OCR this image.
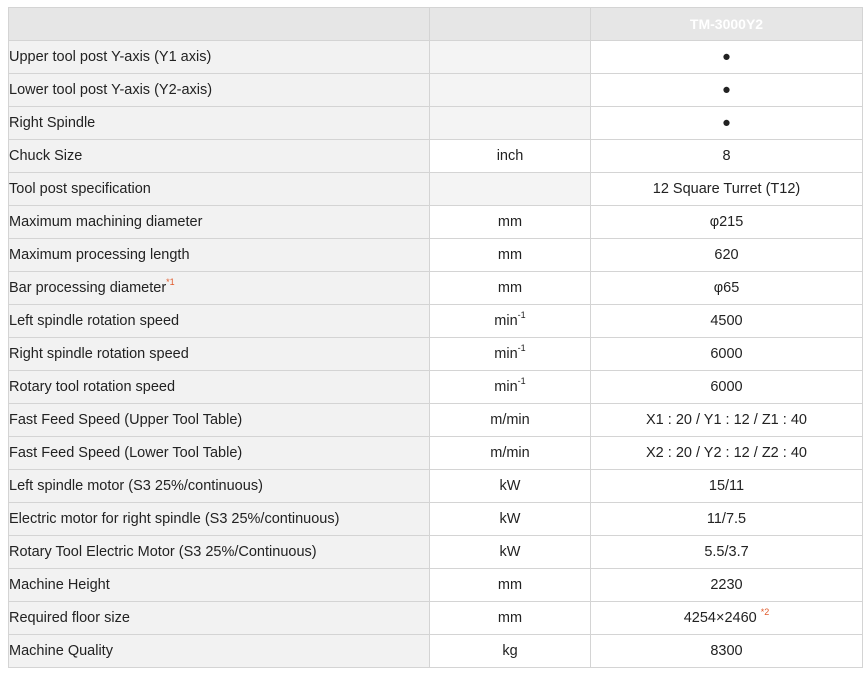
		TM-3000Y2
Upper tool post Y-axis (Y1 axis)		●
Lower tool post Y-axis (Y2-axis)		●
Right Spindle		●
Chuck Size	inch	8
Tool post specification		12 Square Turret (T12)
Maximum machining diameter	mm	φ215
Maximum processing length	mm	620
Bar processing diameter$^{*1}$	mm	φ65
Left spindle rotation speed	$\min^{-1}$	4500
Right spindle rotation speed	$\min^{-1}$	6000
Rotary tool rotation speed	$\min^{-1}$	6000
Fast Feed Speed (Upper Tool Table)	m/min	X1 : 20 / Y1 : 12 / Z1 : 40
Fast Feed Speed (Lower Tool Table)	m/min	X2 : 20 / Y2 : 12 / Z2 : 40
Left spindle motor (S3 25%/continuous)	kW	15/11
Electric motor for right spindle (S3 25%/continuous)	kW	11/7.5
Rotary Tool Electric Motor (S3 25%/Continuous)	kW	5.5/3.7
Machine Height	mm	2230
Required floor size	mm	4254×2460 $^{*2}$
Machine Quality	kg	8300
